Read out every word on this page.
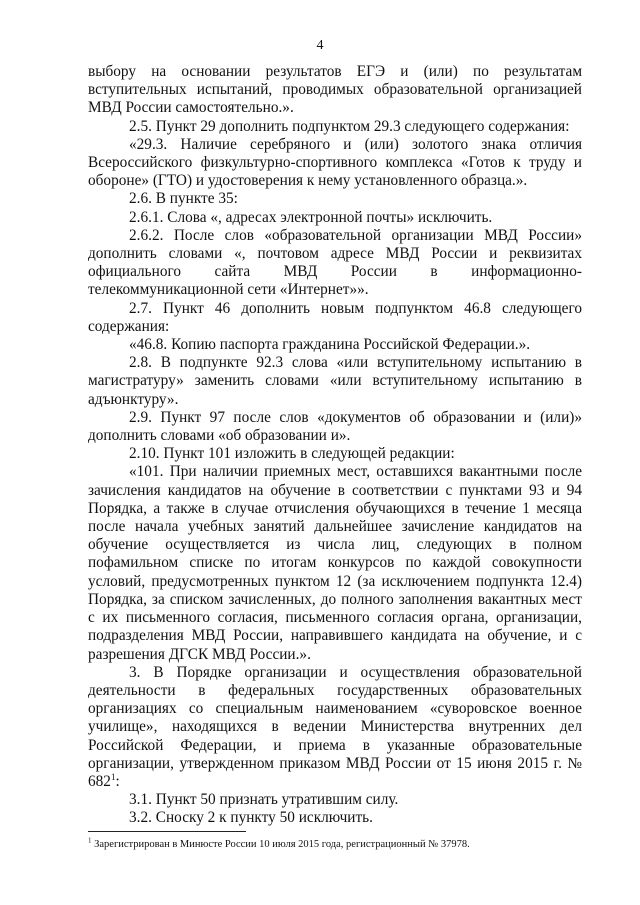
4

выбору на основании результатов ЕГЭ и (или) по результатам вступительных испытаний, проводимых образовательной организацией МВД России самостоятельно.».

2.5. Пункт 29 дополнить подпунктом 29.3 следующего содержания:

«29.3. Наличие серебряного и (или) золотого знака отличия Всероссийского физкультурно-спортивного комплекса «Готов к труду и обороне» (ГТО) и удостоверения к нему установленного образца.».

2.6. В пункте 35:

2.6.1. Слова «, адресах электронной почты» исключить.

2.6.2. После слов «образовательной организации МВД России» дополнить словами «, почтовом адресе МВД России и реквизитах официального сайта МВД России в информационно-телекоммуникационной сети «Интернет»».

2.7. Пункт 46 дополнить новым подпунктом 46.8 следующего содержания:

«46.8. Копию паспорта гражданина Российской Федерации.».

2.8. В подпункте 92.3 слова «или вступительному испытанию в магистратуру» заменить словами «или вступительному испытанию в адъюнктуру».

2.9. Пункт 97 после слов «документов об образовании и (или)» дополнить словами «об образовании и».

2.10. Пункт 101 изложить в следующей редакции:

«101. При наличии приемных мест, оставшихся вакантными после зачисления кандидатов на обучение в соответствии с пунктами 93 и 94 Порядка, а также в случае отчисления обучающихся в течение 1 месяца после начала учебных занятий дальнейшее зачисление кандидатов на обучение осуществляется из числа лиц, следующих в полном пофамильном списке по итогам конкурсов по каждой совокупности условий, предусмотренных пунктом 12 (за исключением подпункта 12.4) Порядка, за списком зачисленных, до полного заполнения вакантных мест с их письменного согласия, письменного согласия органа, организации, подразделения МВД России, направившего кандидата на обучение, и с разрешения ДГСК МВД России.».

3. В Порядке организации и осуществления образовательной деятельности в федеральных государственных образовательных организациях со специальным наименованием «суворовское военное училище», находящихся в ведении Министерства внутренних дел Российской Федерации, и приема в указанные образовательные организации, утвержденном приказом МВД России от 15 июня 2015 г. № $682^1$:

3.1. Пункт 50 признать утратившим силу.

3.2. Сноску 2 к пункту 50 исключить.

$^1$ Зарегистрирован в Минюсте России 10 июля 2015 года, регистрационный № 37978.
